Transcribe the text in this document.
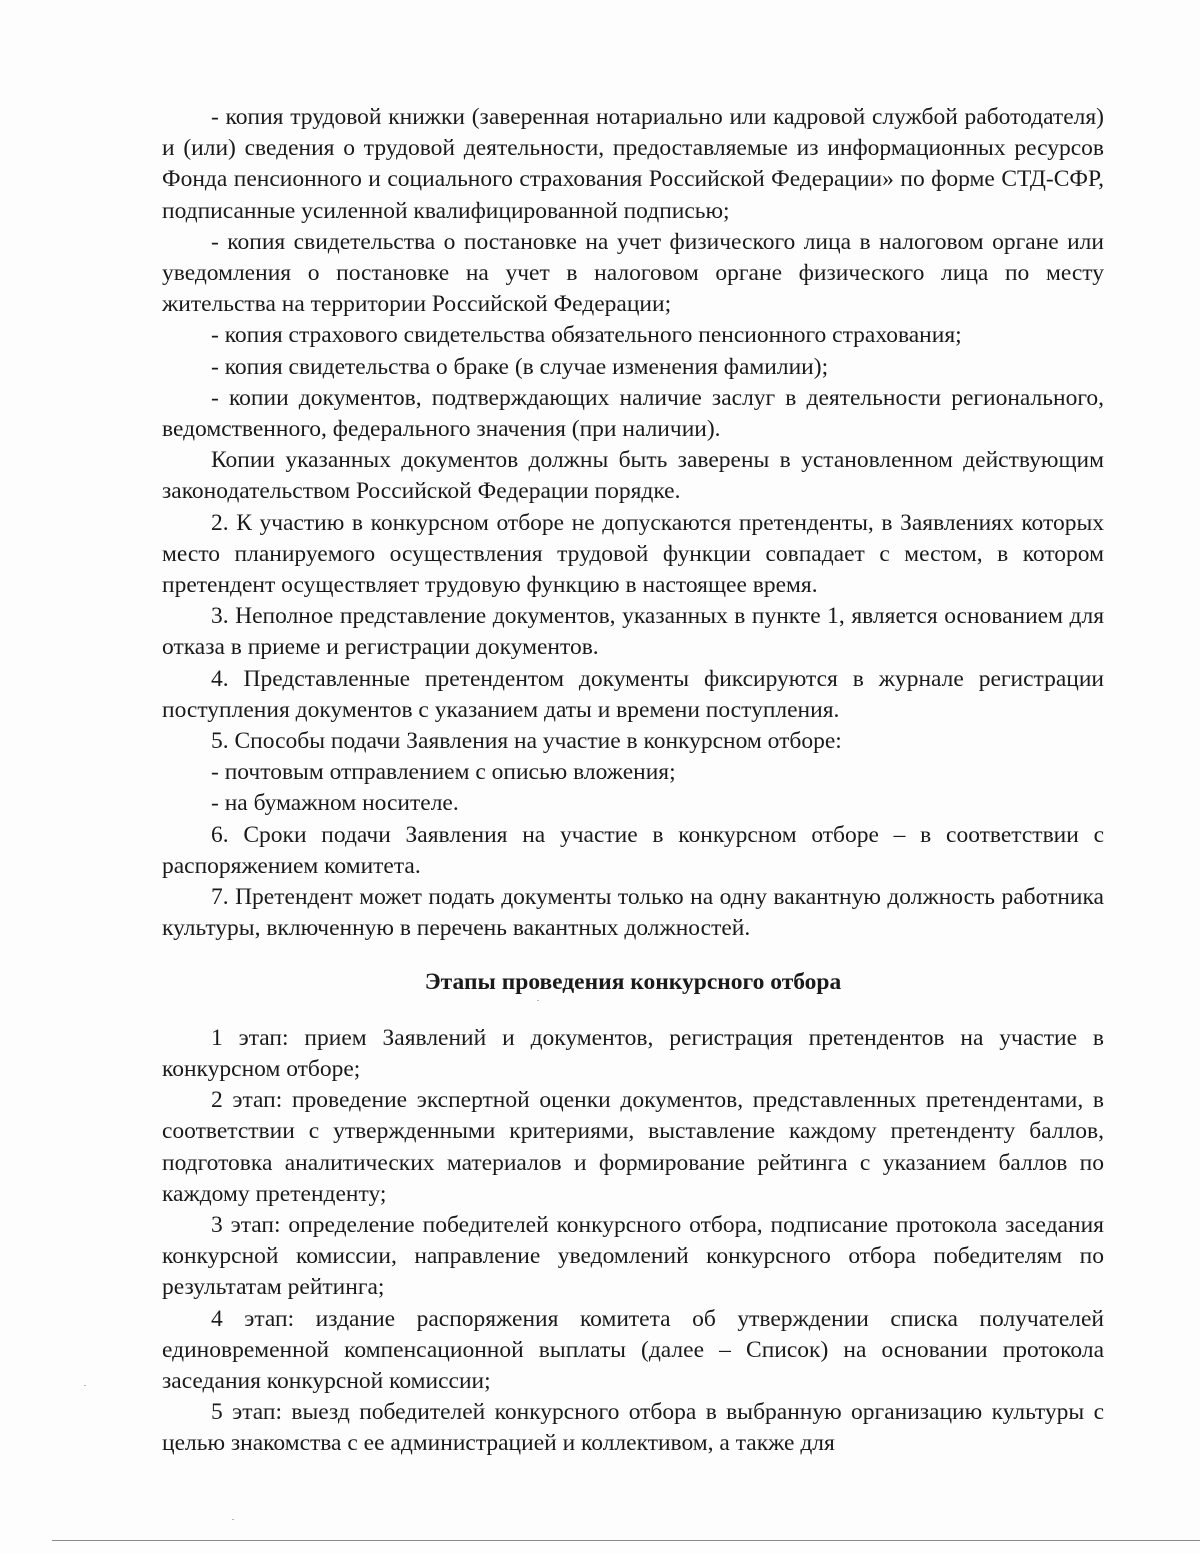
- копия трудовой книжки (заверенная нотариально или кадровой службой работодателя) и (или) сведения о трудовой деятельности, предоставляемые из информационных ресурсов Фонда пенсионного и социального страхования Российской Федерации» по форме СТД-СФР, подписанные усиленной квалифицированной подписью;

- копия свидетельства о постановке на учет физического лица в налоговом органе или уведомления о постановке на учет в налоговом органе физического лица по месту жительства на территории Российской Федерации;

- копия страхового свидетельства обязательного пенсионного страхования;

- копия свидетельства о браке (в случае изменения фамилии);

- копии документов, подтверждающих наличие заслуг в деятельности регионального, ведомственного, федерального значения (при наличии).

Копии указанных документов должны быть заверены в установленном действующим законодательством Российской Федерации порядке.

2. К участию в конкурсном отборе не допускаются претенденты, в Заявлениях которых место планируемого осуществления трудовой функции совпадает с местом, в котором претендент осуществляет трудовую функцию в настоящее время.

3. Неполное представление документов, указанных в пункте 1, является основанием для отказа в приеме и регистрации документов.

4. Представленные претендентом документы фиксируются в журнале регистрации поступления документов с указанием даты и времени поступления.

5. Способы подачи Заявления на участие в конкурсном отборе:

- почтовым отправлением с описью вложения;

- на бумажном носителе.

6. Сроки подачи Заявления на участие в конкурсном отборе – в соответствии с распоряжением комитета.

7. Претендент может подать документы только на одну вакантную должность работника культуры, включенную в перечень вакантных должностей.

Этапы проведения конкурсного отбора

1 этап: прием Заявлений и документов, регистрация претендентов на участие в конкурсном отборе;

2 этап: проведение экспертной оценки документов, представленных претендентами, в соответствии с утвержденными критериями, выставление каждому претенденту баллов, подготовка аналитических материалов и формирование рейтинга с указанием баллов по каждому претенденту;

3 этап: определение победителей конкурсного отбора, подписание протокола заседания конкурсной комиссии, направление уведомлений конкурсного отбора победителям по результатам рейтинга;

4 этап: издание распоряжения комитета об утверждении списка получателей единовременной компенсационной выплаты (далее – Список) на основании протокола заседания конкурсной комиссии;

5 этап: выезд победителей конкурсного отбора в выбранную организацию культуры с целью знакомства с ее администрацией и коллективом, а также для
